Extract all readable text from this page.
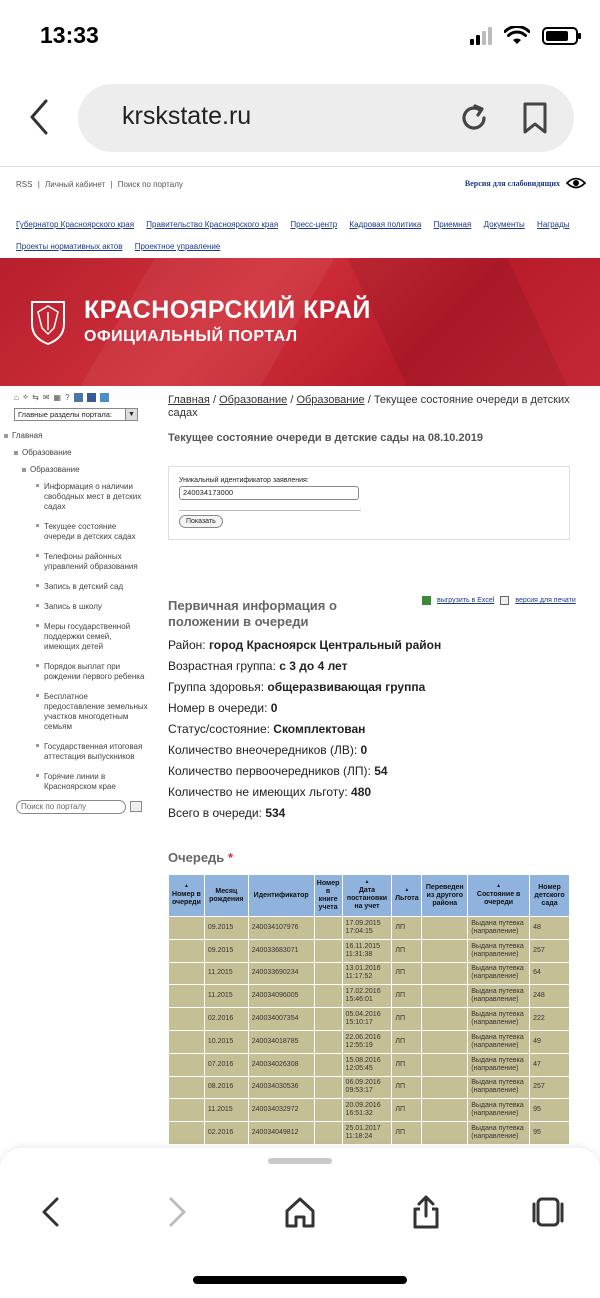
13:33
krskstate.ru
RSS | Личный кабинет | Поиск по порталу	Версия для слабовидящих
Губернатор Красноярского края Правительство Красноярского края Пресс-центр Кадровая политика Приемная Документы Награды
Проекты нормативных актов Проектное управление
КРАСНОЯРСКИЙ КРАЙ
ОФИЦИАЛЬНЫЙ ПОРТАЛ
⌂ ⟡ ⇆ ✉ ▦ ?
Главные разделы портала:	▼
Главная
Образование
Образование
Информация о наличии свободных мест в детских садах
Текущее состояние очереди в детских садах
Телефоны районных управлений образования
Запись в детский сад
Запись в школу
Меры государственной поддержки семей, имеющих детей
Порядок выплат при рождении первого ребенка
Бесплатное предоставление земельных участков многодетным семьям
Государственная итоговая аттестация выпускников
Горячие линии в Красноярском крае
Поиск по порталу
Главная / Образование / Образование / Текущее состояние очереди в детских садах
Текущее состояние очереди в детские сады на 08.10.2019
Уникальный идентификатор заявления:
240034173000
Показать
Первичная информация о положении в очереди
выгрузить в Excel	версия для печати
Район: город Красноярск Центральный район
Возрастная группа: с 3 до 4 лет
Группа здоровья: общеразвивающая группа
Номер в очереди: 0
Статус/состояние: Скомплектован
Количество внеочередников (ЛВ): 0
Количество первоочередников (ЛП): 54
Количество не имеющих льготу: 480
Всего в очереди: 534
Очередь *
▲
Номер в очереди	Месяц рождения	Идентификатор	Номер в книге учета	▲
Дата постановки на учет	▲
Льгота	Переведен из другого района	▲
Состояние в очереди	Номер детского сада
	09.2015	240034107976		17.09.2015 17:04:15	ЛП		Выдана путевка (направление)	48
	09.2015	240033683071		16.11.2015 11:31:38	ЛП		Выдана путевка (направление)	257
	11.2015	240033690234		13.01.2016 11:17:52	ЛП		Выдана путевка (направление)	64
	11.2015	240034096005		17.02.2016 15:46:01	ЛП		Выдана путевка (направление)	248
	02.2016	240034007354		05.04.2016 15:10:17	ЛП		Выдана путевка (направление)	222
	10.2015	240034018785		22.06.2016 12:55:19	ЛП		Выдана путевка (направление)	49
	07.2016	240034026308		15.08.2016 12:05:45	ЛП		Выдана путевка (направление)	47
	08.2016	240034030536		06.09.2016 09:53:17	ЛП		Выдана путевка (направление)	257
	11.2015	240034032972		20.09.2016 16:51:32	ЛП		Выдана путевка (направление)	95
	02.2016	240034049812		25.01.2017 11:18:24	ЛП		Выдана путевка (направление)	95
